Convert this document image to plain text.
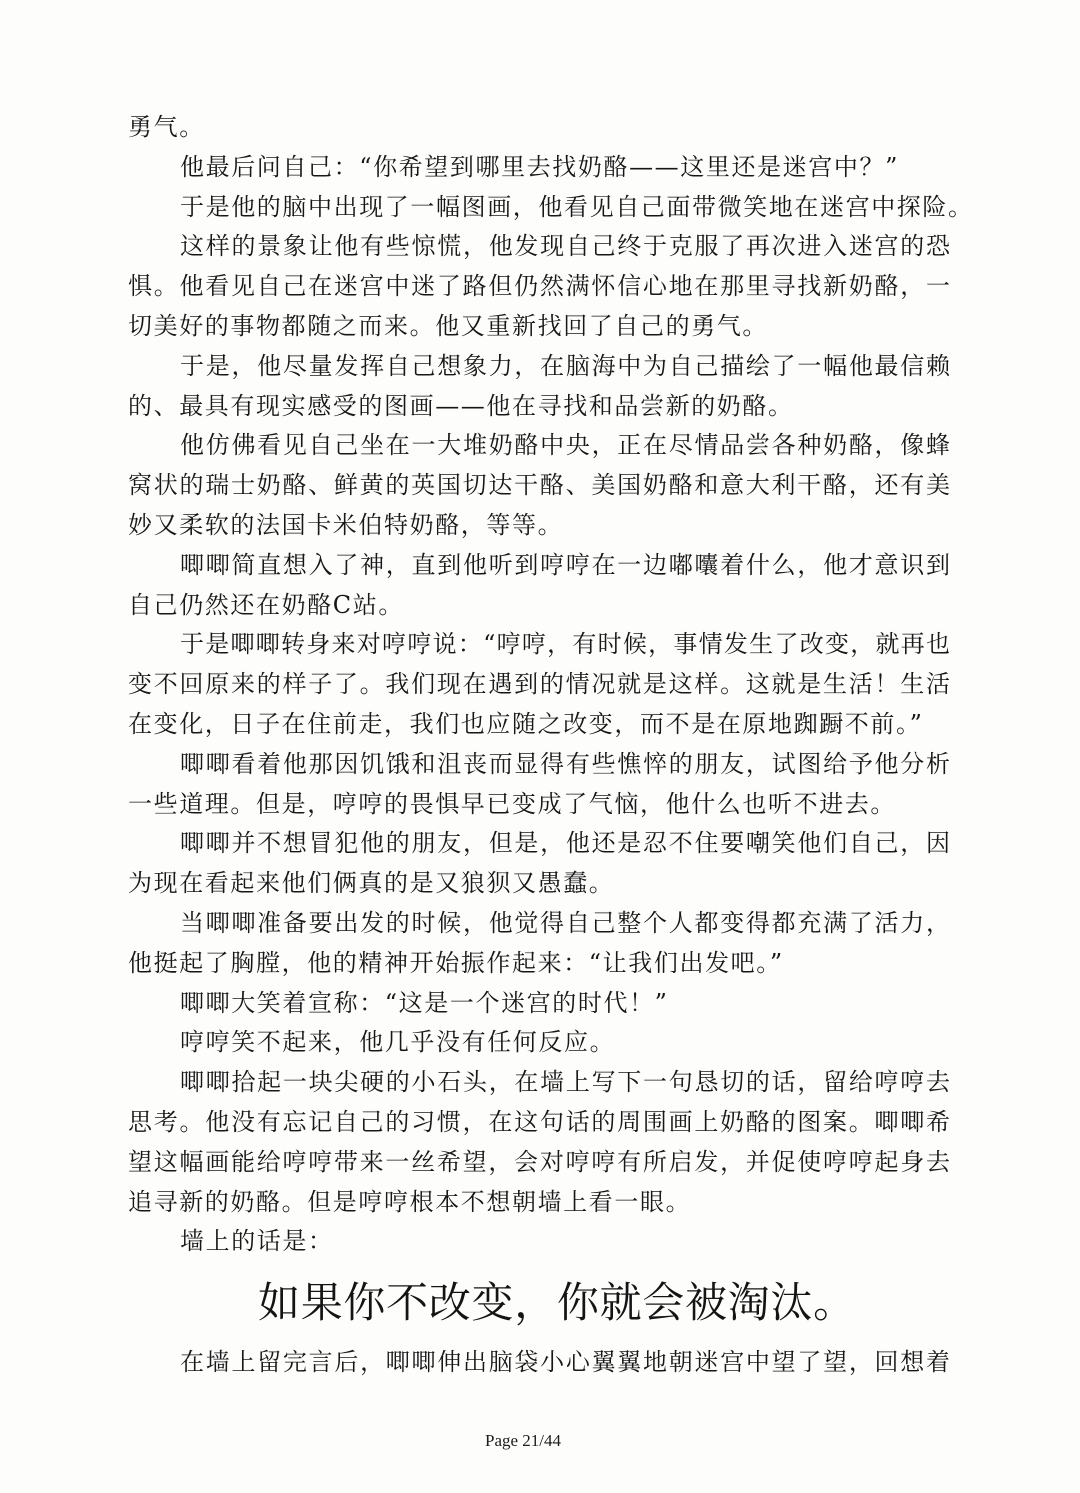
勇气。
他最后问自己：“你希望到哪里去找奶酪——这里还是迷宫中？”
于是他的脑中出现了一幅图画，他看见自己面带微笑地在迷宫中探险。
这样的景象让他有些惊慌，他发现自己终于克服了再次进入迷宫的恐
惧。他看见自己在迷宫中迷了路但仍然满怀信心地在那里寻找新奶酪，一
切美好的事物都随之而来。他又重新找回了自己的勇气。
于是，他尽量发挥自己想象力，在脑海中为自己描绘了一幅他最信赖
的、最具有现实感受的图画——他在寻找和品尝新的奶酪。
他仿佛看见自己坐在一大堆奶酪中央，正在尽情品尝各种奶酪，像蜂
窝状的瑞士奶酪、鲜黄的英国切达干酪、美国奶酪和意大利干酪，还有美
妙又柔软的法国卡米伯特奶酪，等等。
唧唧简直想入了神，直到他听到哼哼在一边嘟囔着什么，他才意识到
自己仍然还在奶酪C站。
于是唧唧转身来对哼哼说：“哼哼，有时候，事情发生了改变，就再也
变不回原来的样子了。我们现在遇到的情况就是这样。这就是生活！生活
在变化，日子在住前走，我们也应随之改变，而不是在原地踟蹰不前。”
唧唧看着他那因饥饿和沮丧而显得有些憔悴的朋友，试图给予他分析
一些道理。但是，哼哼的畏惧早已变成了气恼，他什么也听不进去。
唧唧并不想冒犯他的朋友，但是，他还是忍不住要嘲笑他们自己，因
为现在看起来他们俩真的是又狼狈又愚蠢。
当唧唧准备要出发的时候，他觉得自己整个人都变得都充满了活力，
他挺起了胸膛，他的精神开始振作起来：“让我们出发吧。”
唧唧大笑着宣称：“这是一个迷宫的时代！”
哼哼笑不起来，他几乎没有任何反应。
唧唧拾起一块尖硬的小石头，在墙上写下一句恳切的话，留给哼哼去
思考。他没有忘记自己的习惯，在这句话的周围画上奶酪的图案。唧唧希
望这幅画能给哼哼带来一丝希望，会对哼哼有所启发，并促使哼哼起身去
追寻新的奶酪。但是哼哼根本不想朝墙上看一眼。
墙上的话是：
如果你不改变，你就会被淘汰。
在墙上留完言后，唧唧伸出脑袋小心翼翼地朝迷宫中望了望，回想着
Page 21/44
